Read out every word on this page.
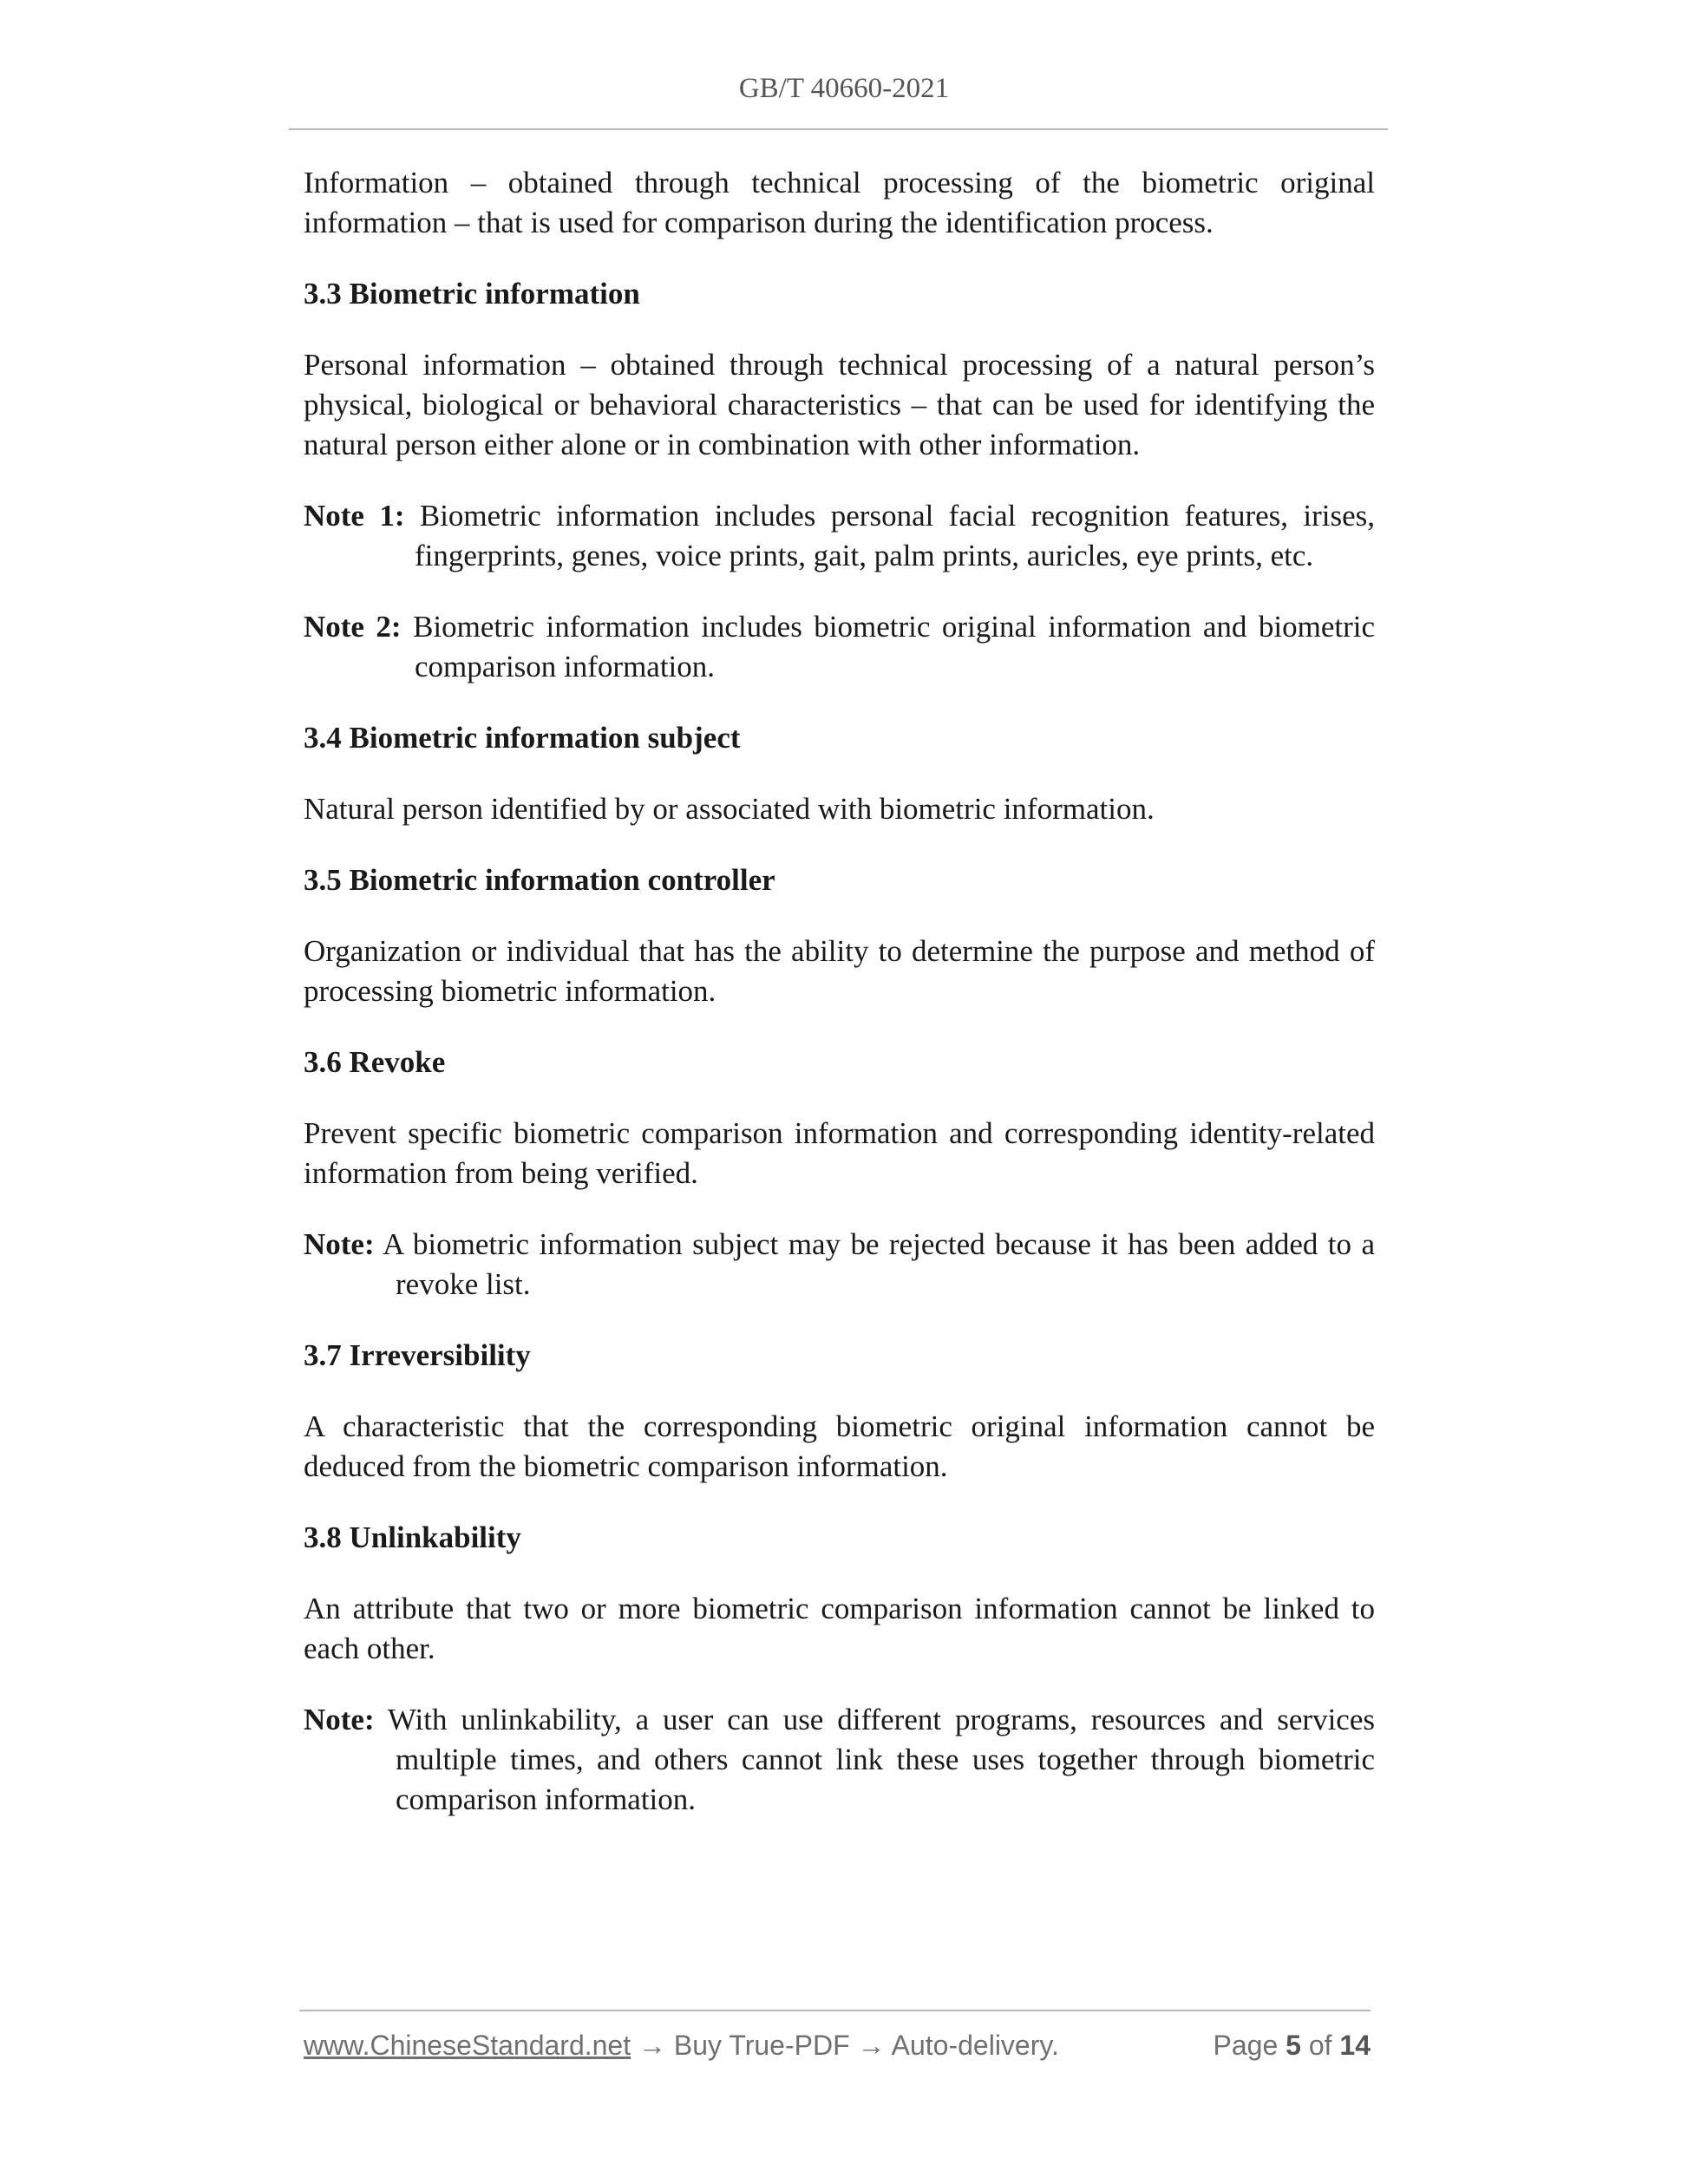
GB/T 40660-2021

Information – obtained through technical processing of the biometric original information – that is used for comparison during the identification process.

3.3 Biometric information

Personal information – obtained through technical processing of a natural person’s physical, biological or behavioral characteristics – that can be used for identifying the natural person either alone or in combination with other information.

Note 1: Biometric information includes personal facial recognition features, irises, fingerprints, genes, voice prints, gait, palm prints, auricles, eye prints, etc.

Note 2: Biometric information includes biometric original information and biometric comparison information.

3.4 Biometric information subject

Natural person identified by or associated with biometric information.

3.5 Biometric information controller

Organization or individual that has the ability to determine the purpose and method of processing biometric information.

3.6 Revoke

Prevent specific biometric comparison information and corresponding identity-related information from being verified.

Note: A biometric information subject may be rejected because it has been added to a revoke list.

3.7 Irreversibility

A characteristic that the corresponding biometric original information cannot be deduced from the biometric comparison information.

3.8 Unlinkability

An attribute that two or more biometric comparison information cannot be linked to each other.

Note: With unlinkability, a user can use different programs, resources and services multiple times, and others cannot link these uses together through biometric comparison information.

www.ChineseStandard.net → Buy True-PDF → Auto-delivery.	Page 5 of 14
